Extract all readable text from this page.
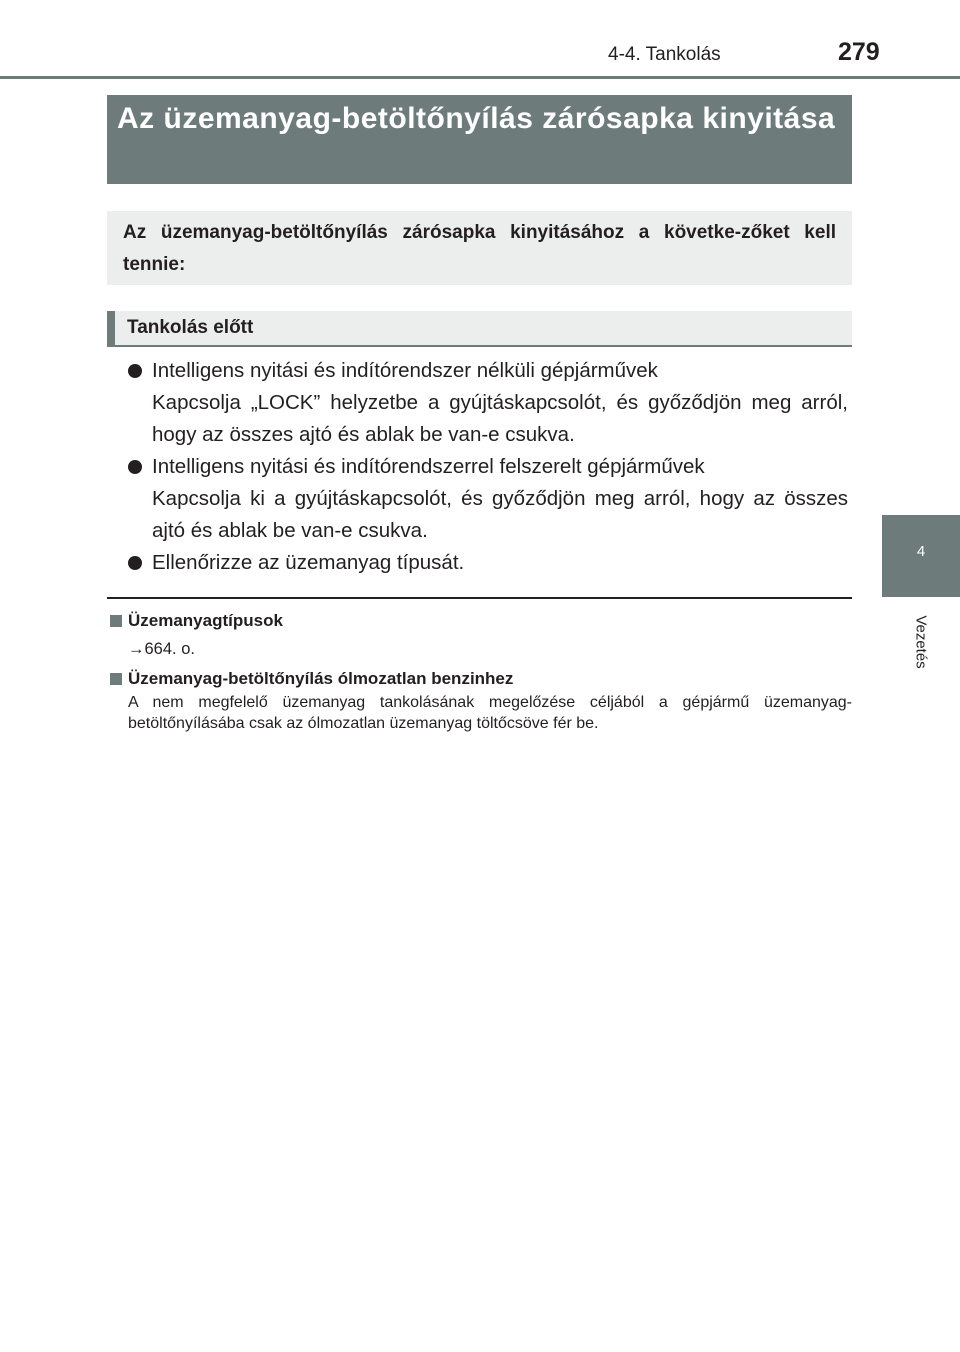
4-4. Tankolás	279
4
Vezetés
Az üzemanyag-betöltőnyílás zárósapka kinyitása

Az üzemanyag-betöltőnyílás zárósapka kinyitásához a követke-zőket kell tennie:

Tankolás előtt
Intelligens nyitási és indítórendszer nélküli gépjárművek
Kapcsolja „LOCK” helyzetbe a gyújtáskapcsolót, és győződjön meg arról, hogy az összes ajtó és ablak be van-e csukva.
Intelligens nyitási és indítórendszerrel felszerelt gépjárművek
Kapcsolja ki a gyújtáskapcsolót, és győződjön meg arról, hogy az összes ajtó és ablak be van-e csukva.
Ellenőrizze az üzemanyag típusát.
Üzemanyagtípusok
→664. o.
Üzemanyag-betöltőnyílás ólmozatlan benzinhez
A nem megfelelő üzemanyag tankolásának megelőzése céljából a gépjármű üzemanyag-betöltőnyílásába csak az ólmozatlan üzemanyag töltőcsöve fér be.
